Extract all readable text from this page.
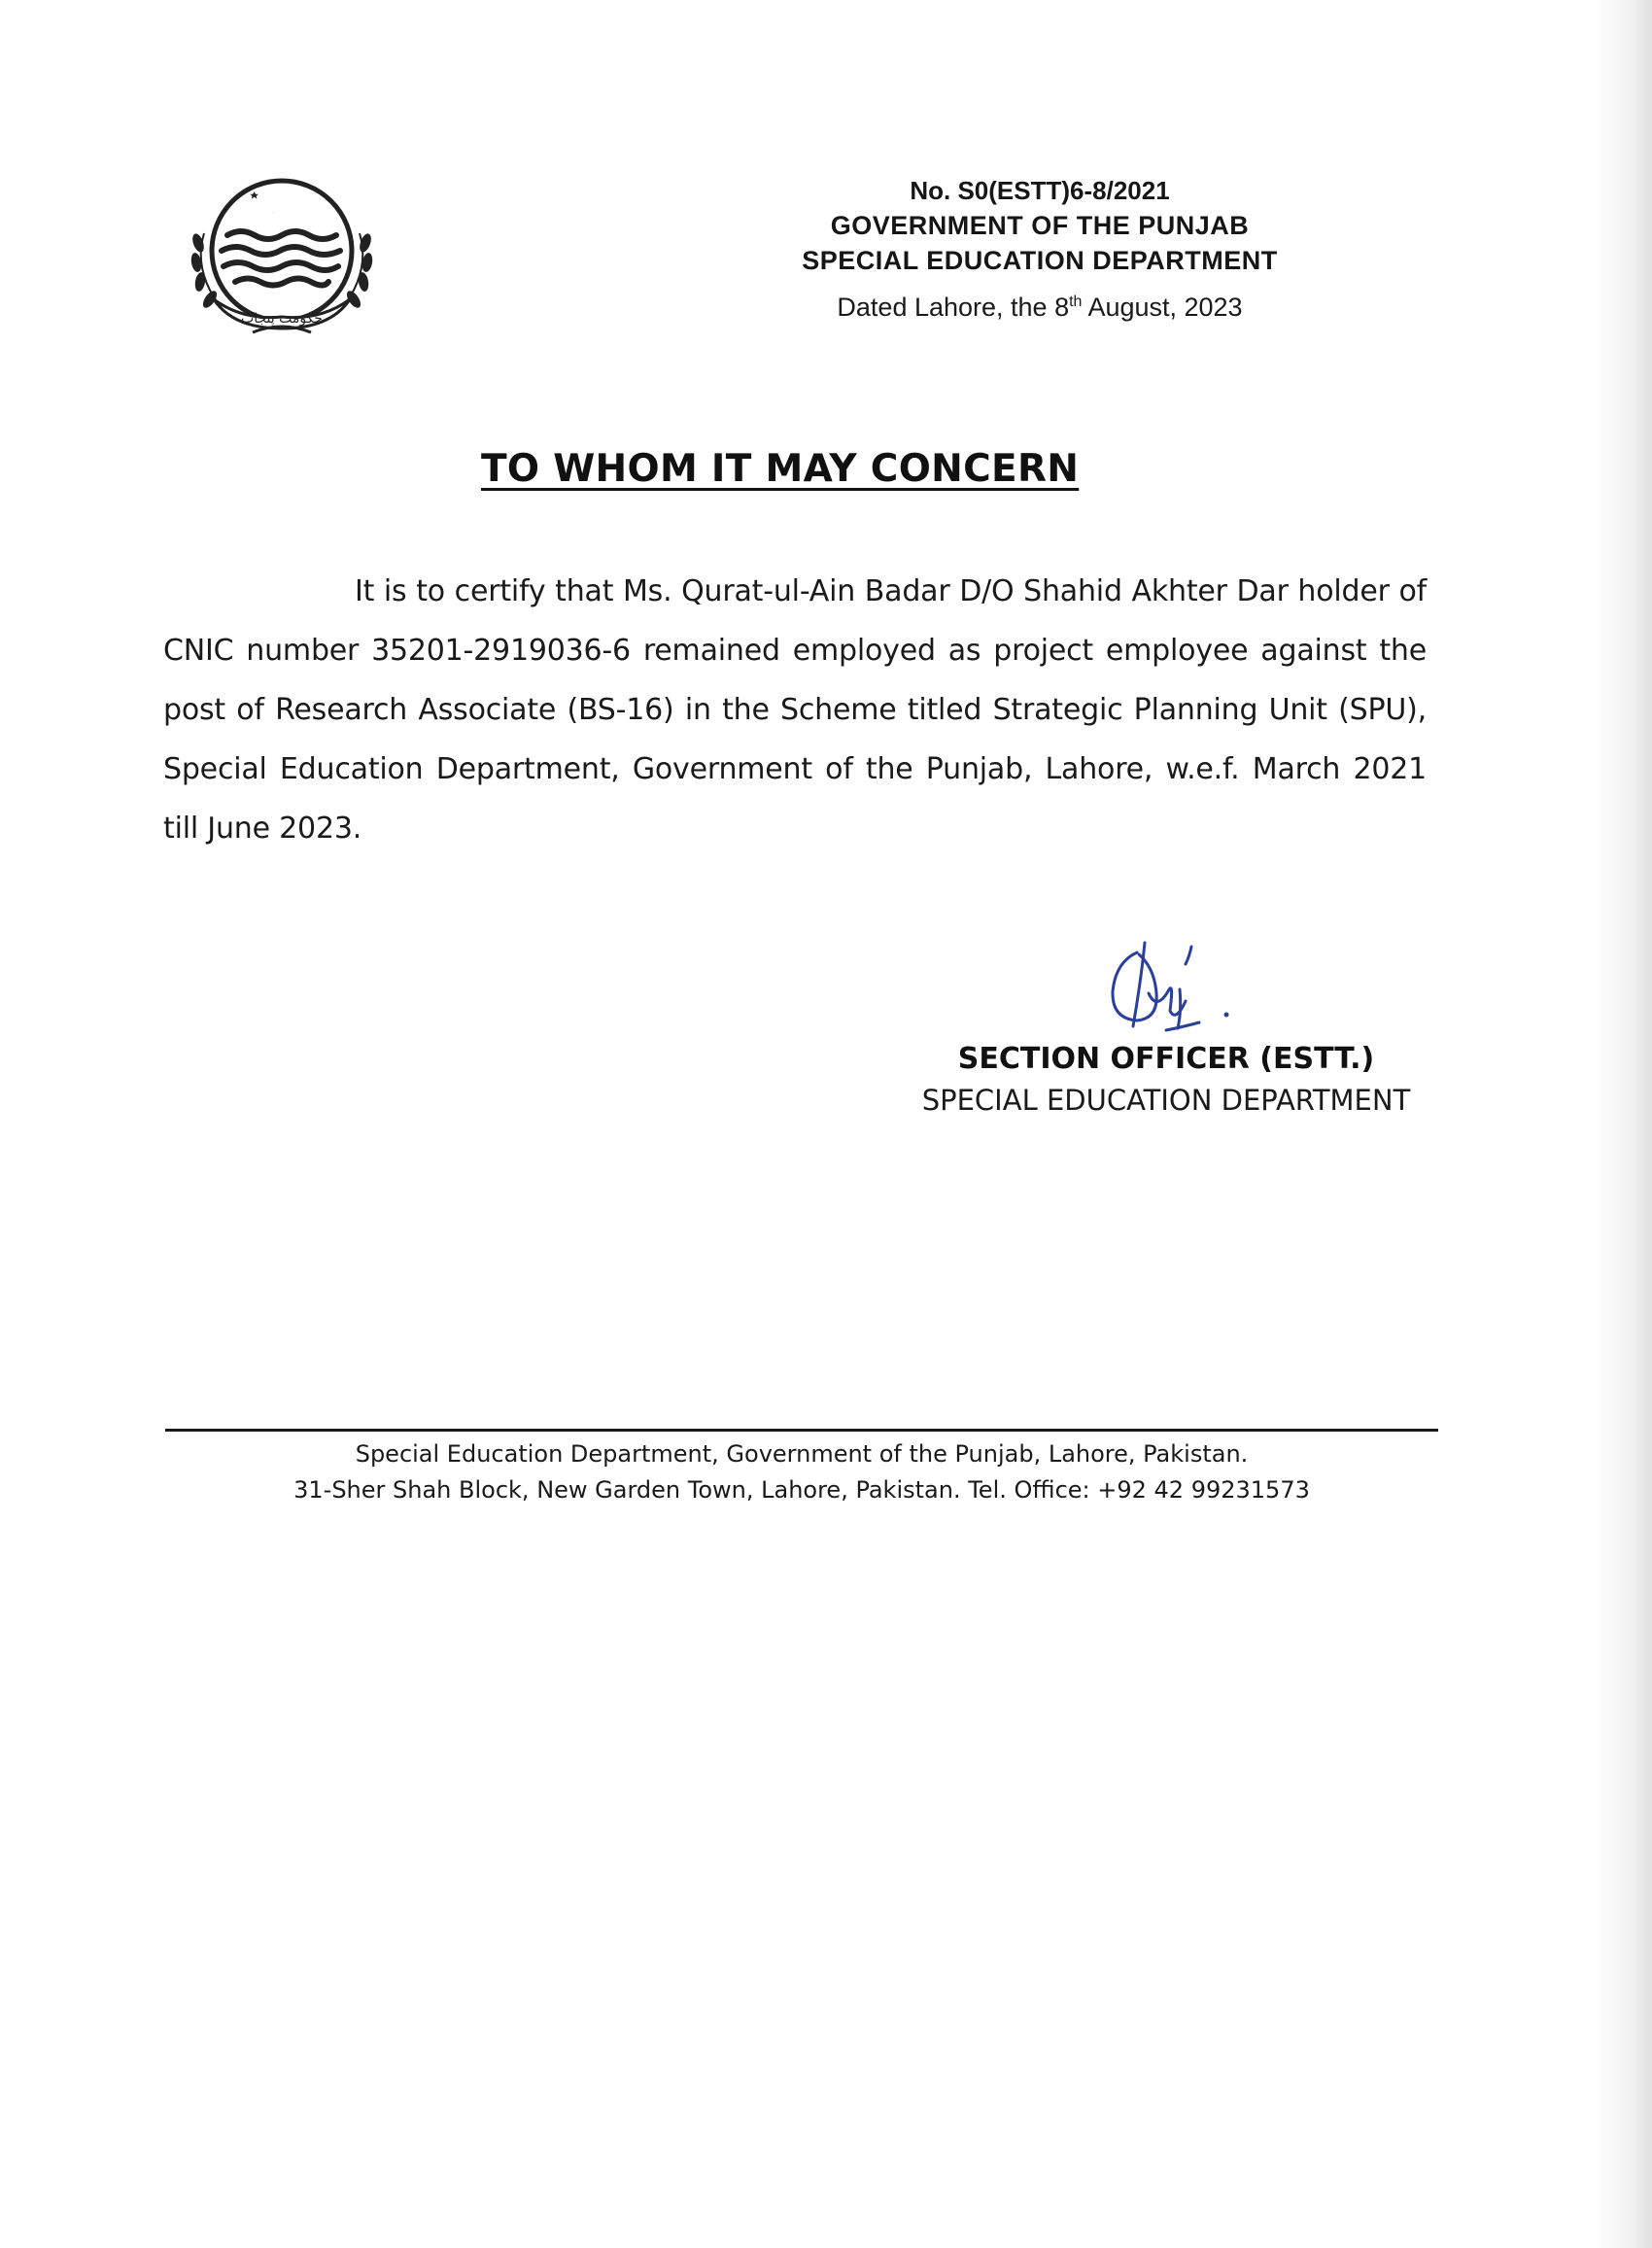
حکومت پنجاب
No. S0(ESTT)6-8/2021
GOVERNMENT OF THE PUNJAB
SPECIAL EDUCATION DEPARTMENT
Dated Lahore, the 8th August, 2023
TO WHOM IT MAY CONCERN

It is to certify that Ms. Qurat-ul-Ain Badar D/O Shahid Akhter Dar holder of CNIC number 35201-2919036-6 remained employed as project employee against the post of Research Associate (BS-16) in the Scheme titled Strategic Planning Unit (SPU), Special Education Department, Government of the Punjab, Lahore, w.e.f. March 2021 till June 2023.

SECTION OFFICER (ESTT.)
SPECIAL EDUCATION DEPARTMENT
Special Education Department, Government of the Punjab, Lahore, Pakistan.
31-Sher Shah Block, New Garden Town, Lahore, Pakistan. Tel. Office: +92 42 99231573
